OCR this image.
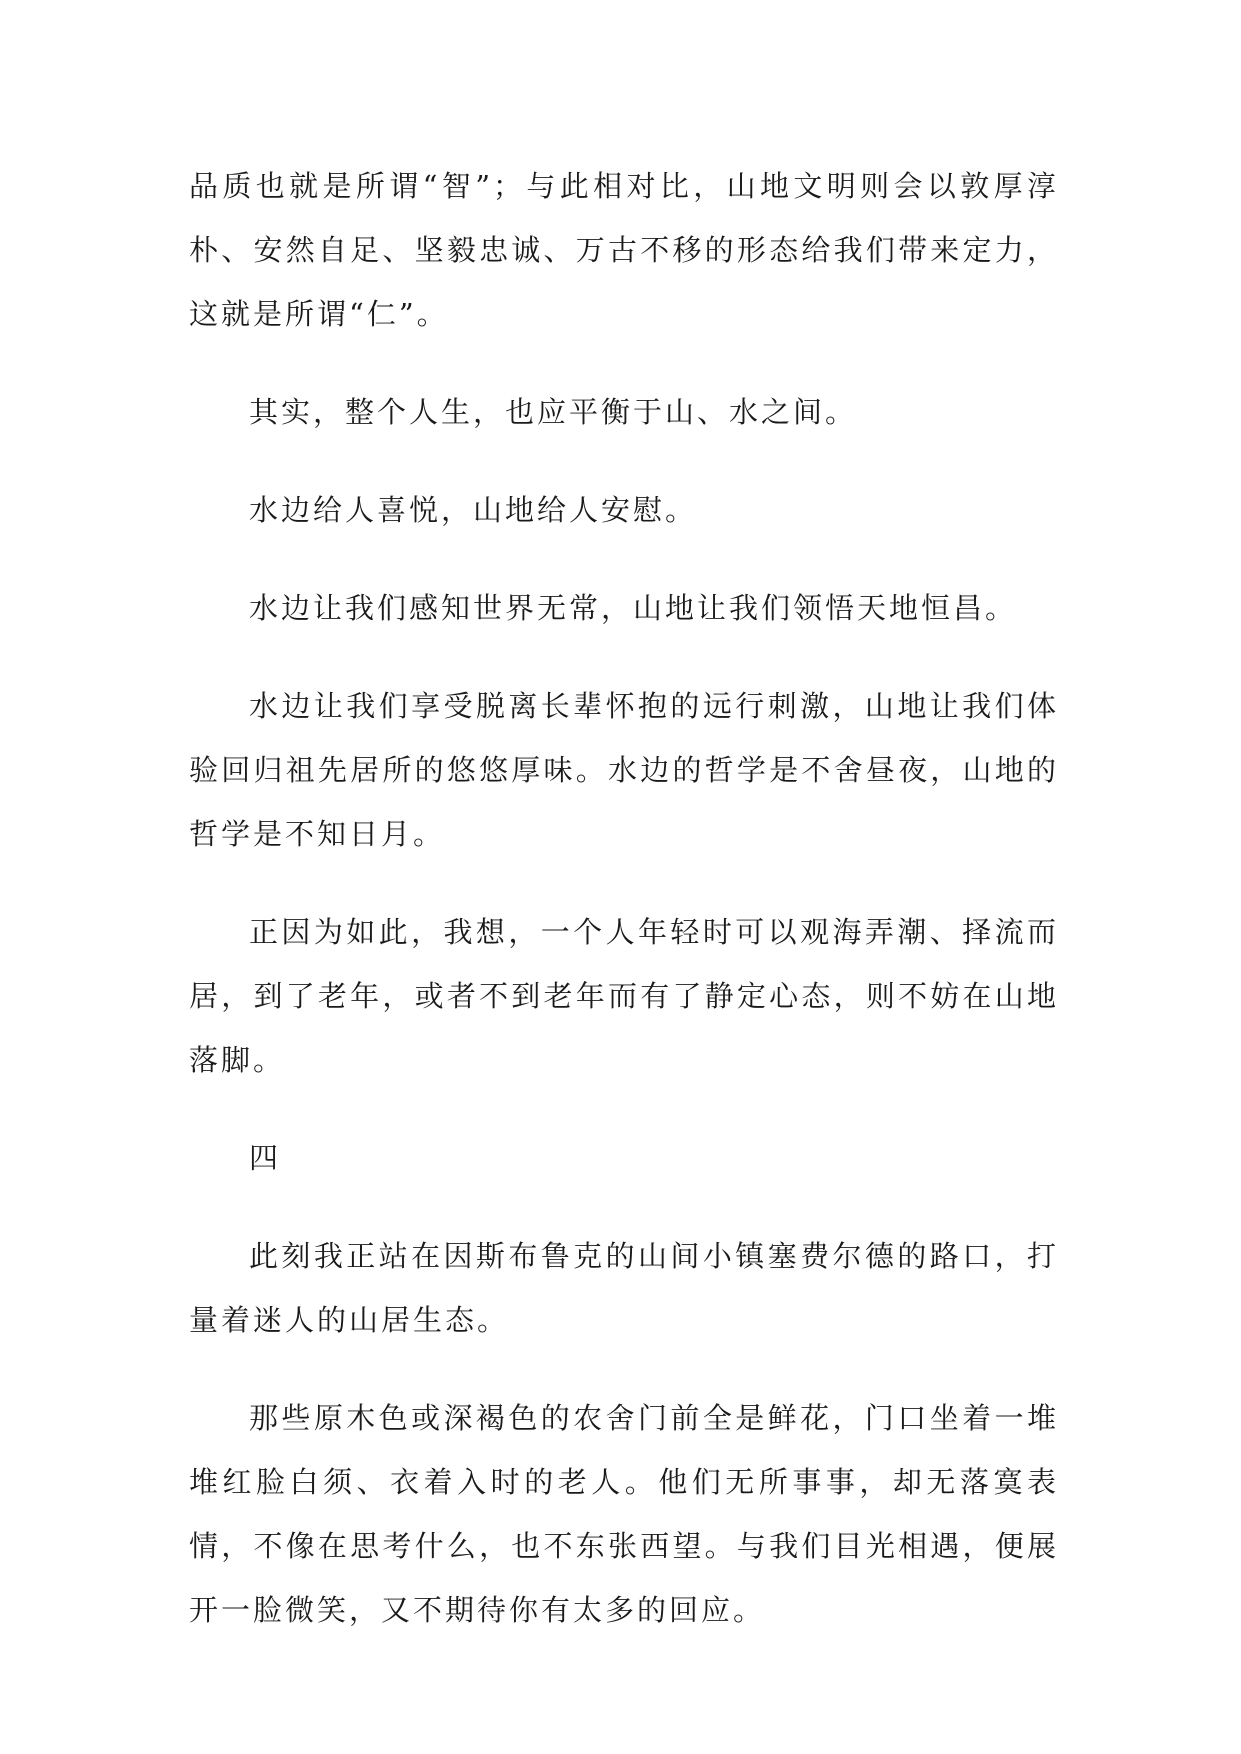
品质也就是所谓“智”；与此相对比，山地文明则会以敦厚淳朴、安然自足、坚毅忠诚、万古不移的形态给我们带来定力，这就是所谓“仁”。

其实，整个人生，也应平衡于山、水之间。

水边给人喜悦，山地给人安慰。

水边让我们感知世界无常，山地让我们领悟天地恒昌。

水边让我们享受脱离长辈怀抱的远行刺激，山地让我们体验回归祖先居所的悠悠厚味。水边的哲学是不舍昼夜，山地的哲学是不知日月。

正因为如此，我想，一个人年轻时可以观海弄潮、择流而居，到了老年，或者不到老年而有了静定心态，则不妨在山地落脚。

四

此刻我正站在因斯布鲁克的山间小镇塞费尔德的路口，打量着迷人的山居生态。

那些原木色或深褐色的农舍门前全是鲜花，门口坐着一堆堆红脸白须、衣着入时的老人。他们无所事事，却无落寞表情，不像在思考什么，也不东张西望。与我们目光相遇，便展开一脸微笑，又不期待你有太多的回应。
